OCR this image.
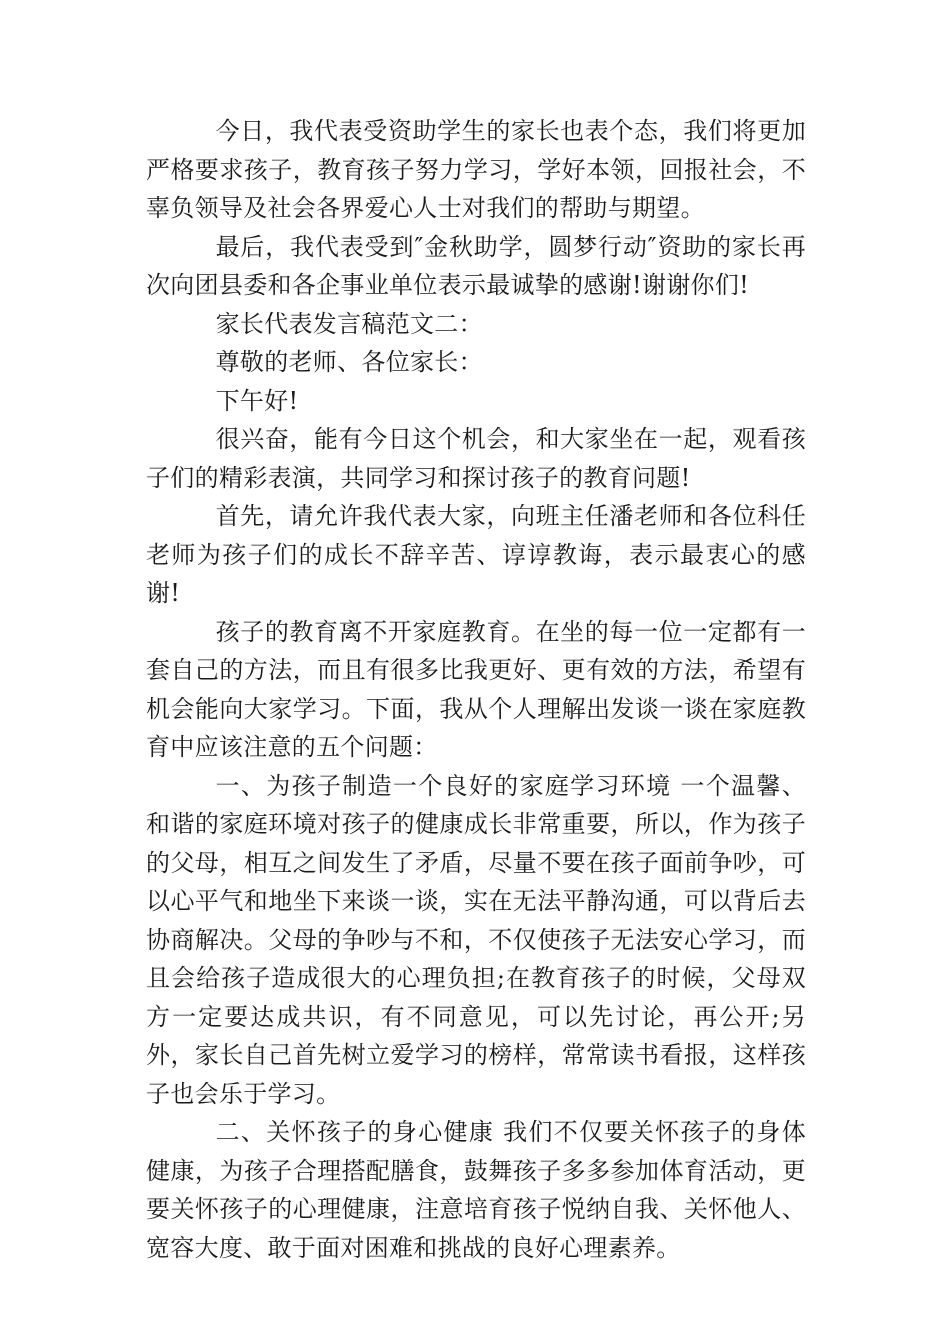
今日，我代表受资助学生的家长也表个态，我们将更加严格要求孩子，教育孩子努力学习，学好本领，回报社会，不辜负领导及社会各界爱心人士对我们的帮助与期望。

最后，我代表受到″金秋助学，圆梦行动″资助的家长再次向团县委和各企事业单位表示最诚挚的感谢!谢谢你们!

家长代表发言稿范文二：

尊敬的老师、各位家长：

下午好!

很兴奋，能有今日这个机会，和大家坐在一起，观看孩子们的精彩表演，共同学习和探讨孩子的教育问题!

首先，请允许我代表大家，向班主任潘老师和各位科任老师为孩子们的成长不辞辛苦、谆谆教诲，表示最衷心的感谢!

孩子的教育离不开家庭教育。在坐的每一位一定都有一套自己的方法，而且有很多比我更好、更有效的方法，希望有机会能向大家学习。下面，我从个人理解出发谈一谈在家庭教育中应该注意的五个问题：

一、为孩子制造一个良好的家庭学习环境 一个温馨、和谐的家庭环境对孩子的健康成长非常重要，所以，作为孩子的父母，相互之间发生了矛盾，尽量不要在孩子面前争吵，可以心平气和地坐下来谈一谈，实在无法平静沟通，可以背后去协商解决。父母的争吵与不和，不仅使孩子无法安心学习，而且会给孩子造成很大的心理负担;在教育孩子的时候，父母双方一定要达成共识，有不同意见，可以先讨论，再公开;另外，家长自己首先树立爱学习的榜样，常常读书看报，这样孩子也会乐于学习。

二、关怀孩子的身心健康 我们不仅要关怀孩子的身体健康，为孩子合理搭配膳食，鼓舞孩子多多参加体育活动，更要关怀孩子的心理健康，注意培育孩子悦纳自我、关怀他人、宽容大度、敢于面对困难和挑战的良好心理素养。
